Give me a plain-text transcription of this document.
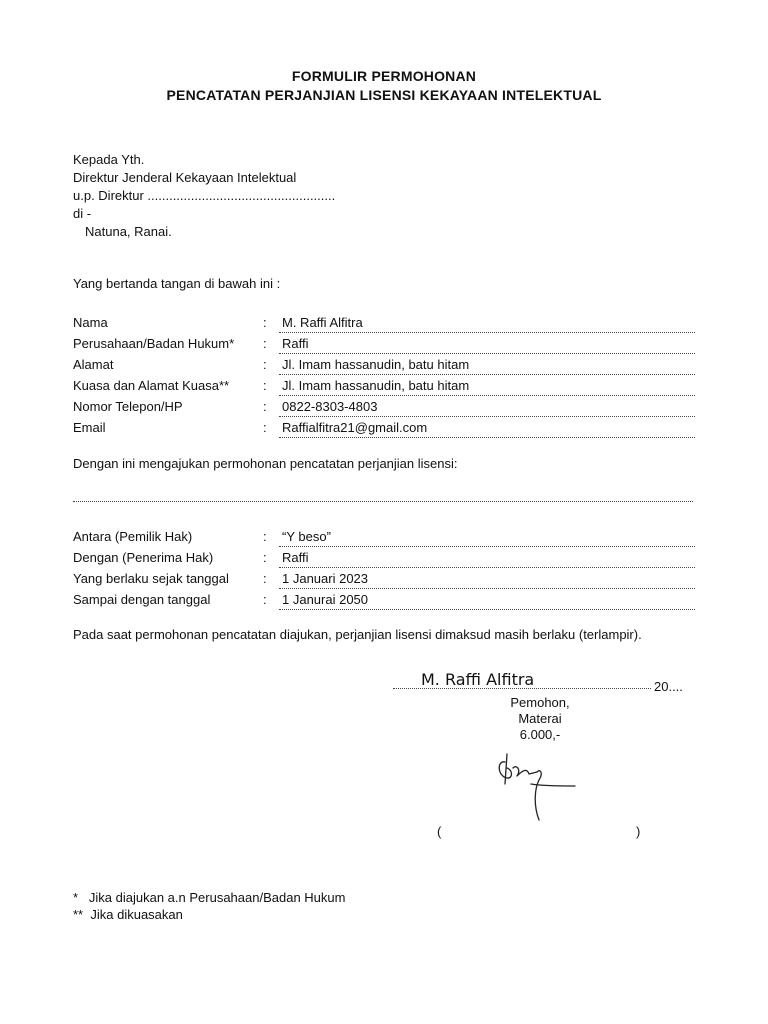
FORMULIR PERMOHONAN
PENCATATAN PERJANJIAN LISENSI KEKAYAAN INTELEKTUAL
Kepada Yth.
Direktur Jenderal Kekayaan Intelektual
u.p. Direktur ....................................................
di -
Natuna, Ranai.
Yang bertanda tangan di bawah ini :
Nama	: M. Raffi Alfitra
Perusahaan/Badan Hukum* : Raffi
Alamat	: Jl. Imam hassanudin, batu hitam
Kuasa dan Alamat Kuasa**	: Jl. Imam hassanudin, batu hitam
Nomor Telepon/HP	: 0822-8303-4803
Email	: Raffialfitra21@gmail.com
Dengan ini mengajukan permohonan pencatatan perjanjian lisensi:
Antara (Pemilik Hak)	: “Y beso”
Dengan (Penerima Hak)	: Raffi
Yang berlaku sejak tanggal	: 1 Januari 2023
Sampai dengan tanggal	: 1 Janurai 2050
Pada saat permohonan pencatatan diajukan, perjanjian lisensi dimaksud masih berlaku (terlampir).
M. Raffi Alfitra	20....
Pemohon,
Materai
6.000,-
(	)
* Jika diajukan a.n Perusahaan/Badan Hukum
** Jika dikuasakan
